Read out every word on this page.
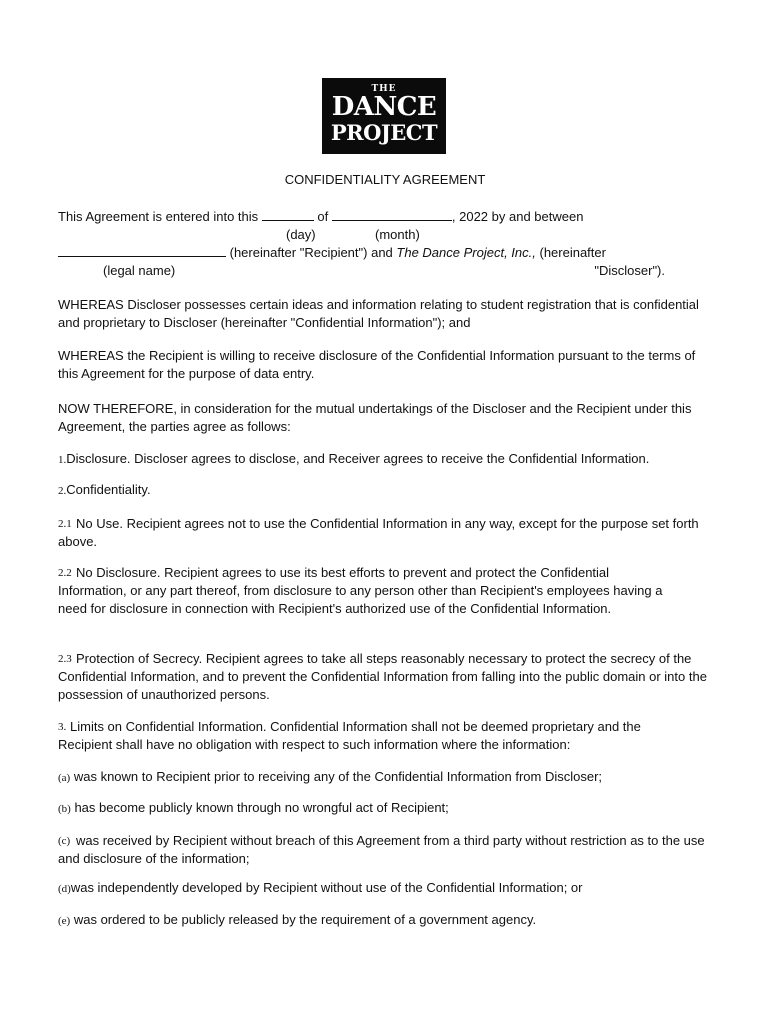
THE
DANCE
PROJECT
CONFIDENTIALITY AGREEMENT
This Agreement is entered into this	of	, 2022 by and between
(day)	(month)
(hereinafter "Recipient") and The Dance Project, Inc., (hereinafter
(legal name)	"Discloser").
WHEREAS Discloser possesses certain ideas and information relating to student registration that is confidential and proprietary to Discloser (hereinafter "Confidential Information"); and
WHEREAS the Recipient is willing to receive disclosure of the Confidential Information pursuant to the terms of this Agreement for the purpose of data entry.
NOW THEREFORE, in consideration for the mutual undertakings of the Discloser and the Recipient under this Agreement, the parties agree as follows:
1.Disclosure. Discloser agrees to disclose, and Receiver agrees to receive the Confidential Information.
2.Confidentiality.
2.1 No Use. Recipient agrees not to use the Confidential Information in any way, except for the purpose set forth above.
2.2 No Disclosure. Recipient agrees to use its best efforts to prevent and protect the Confidential Information, or any part thereof, from disclosure to any person other than Recipient's employees having a need for disclosure in connection with Recipient's authorized use of the Confidential Information.
2.3 Protection of Secrecy. Recipient agrees to take all steps reasonably necessary to protect the secrecy of the Confidential Information, and to prevent the Confidential Information from falling into the public domain or into the possession of unauthorized persons.
3. Limits on Confidential Information. Confidential Information shall not be deemed proprietary and the Recipient shall have no obligation with respect to such information where the information:
(a) was known to Recipient prior to receiving any of the Confidential Information from Discloser;
(b) has become publicly known through no wrongful act of Recipient;
(c) was received by Recipient without breach of this Agreement from a third party without restriction as to the use and disclosure of the information;
(d)was independently developed by Recipient without use of the Confidential Information; or
(e) was ordered to be publicly released by the requirement of a government agency.
